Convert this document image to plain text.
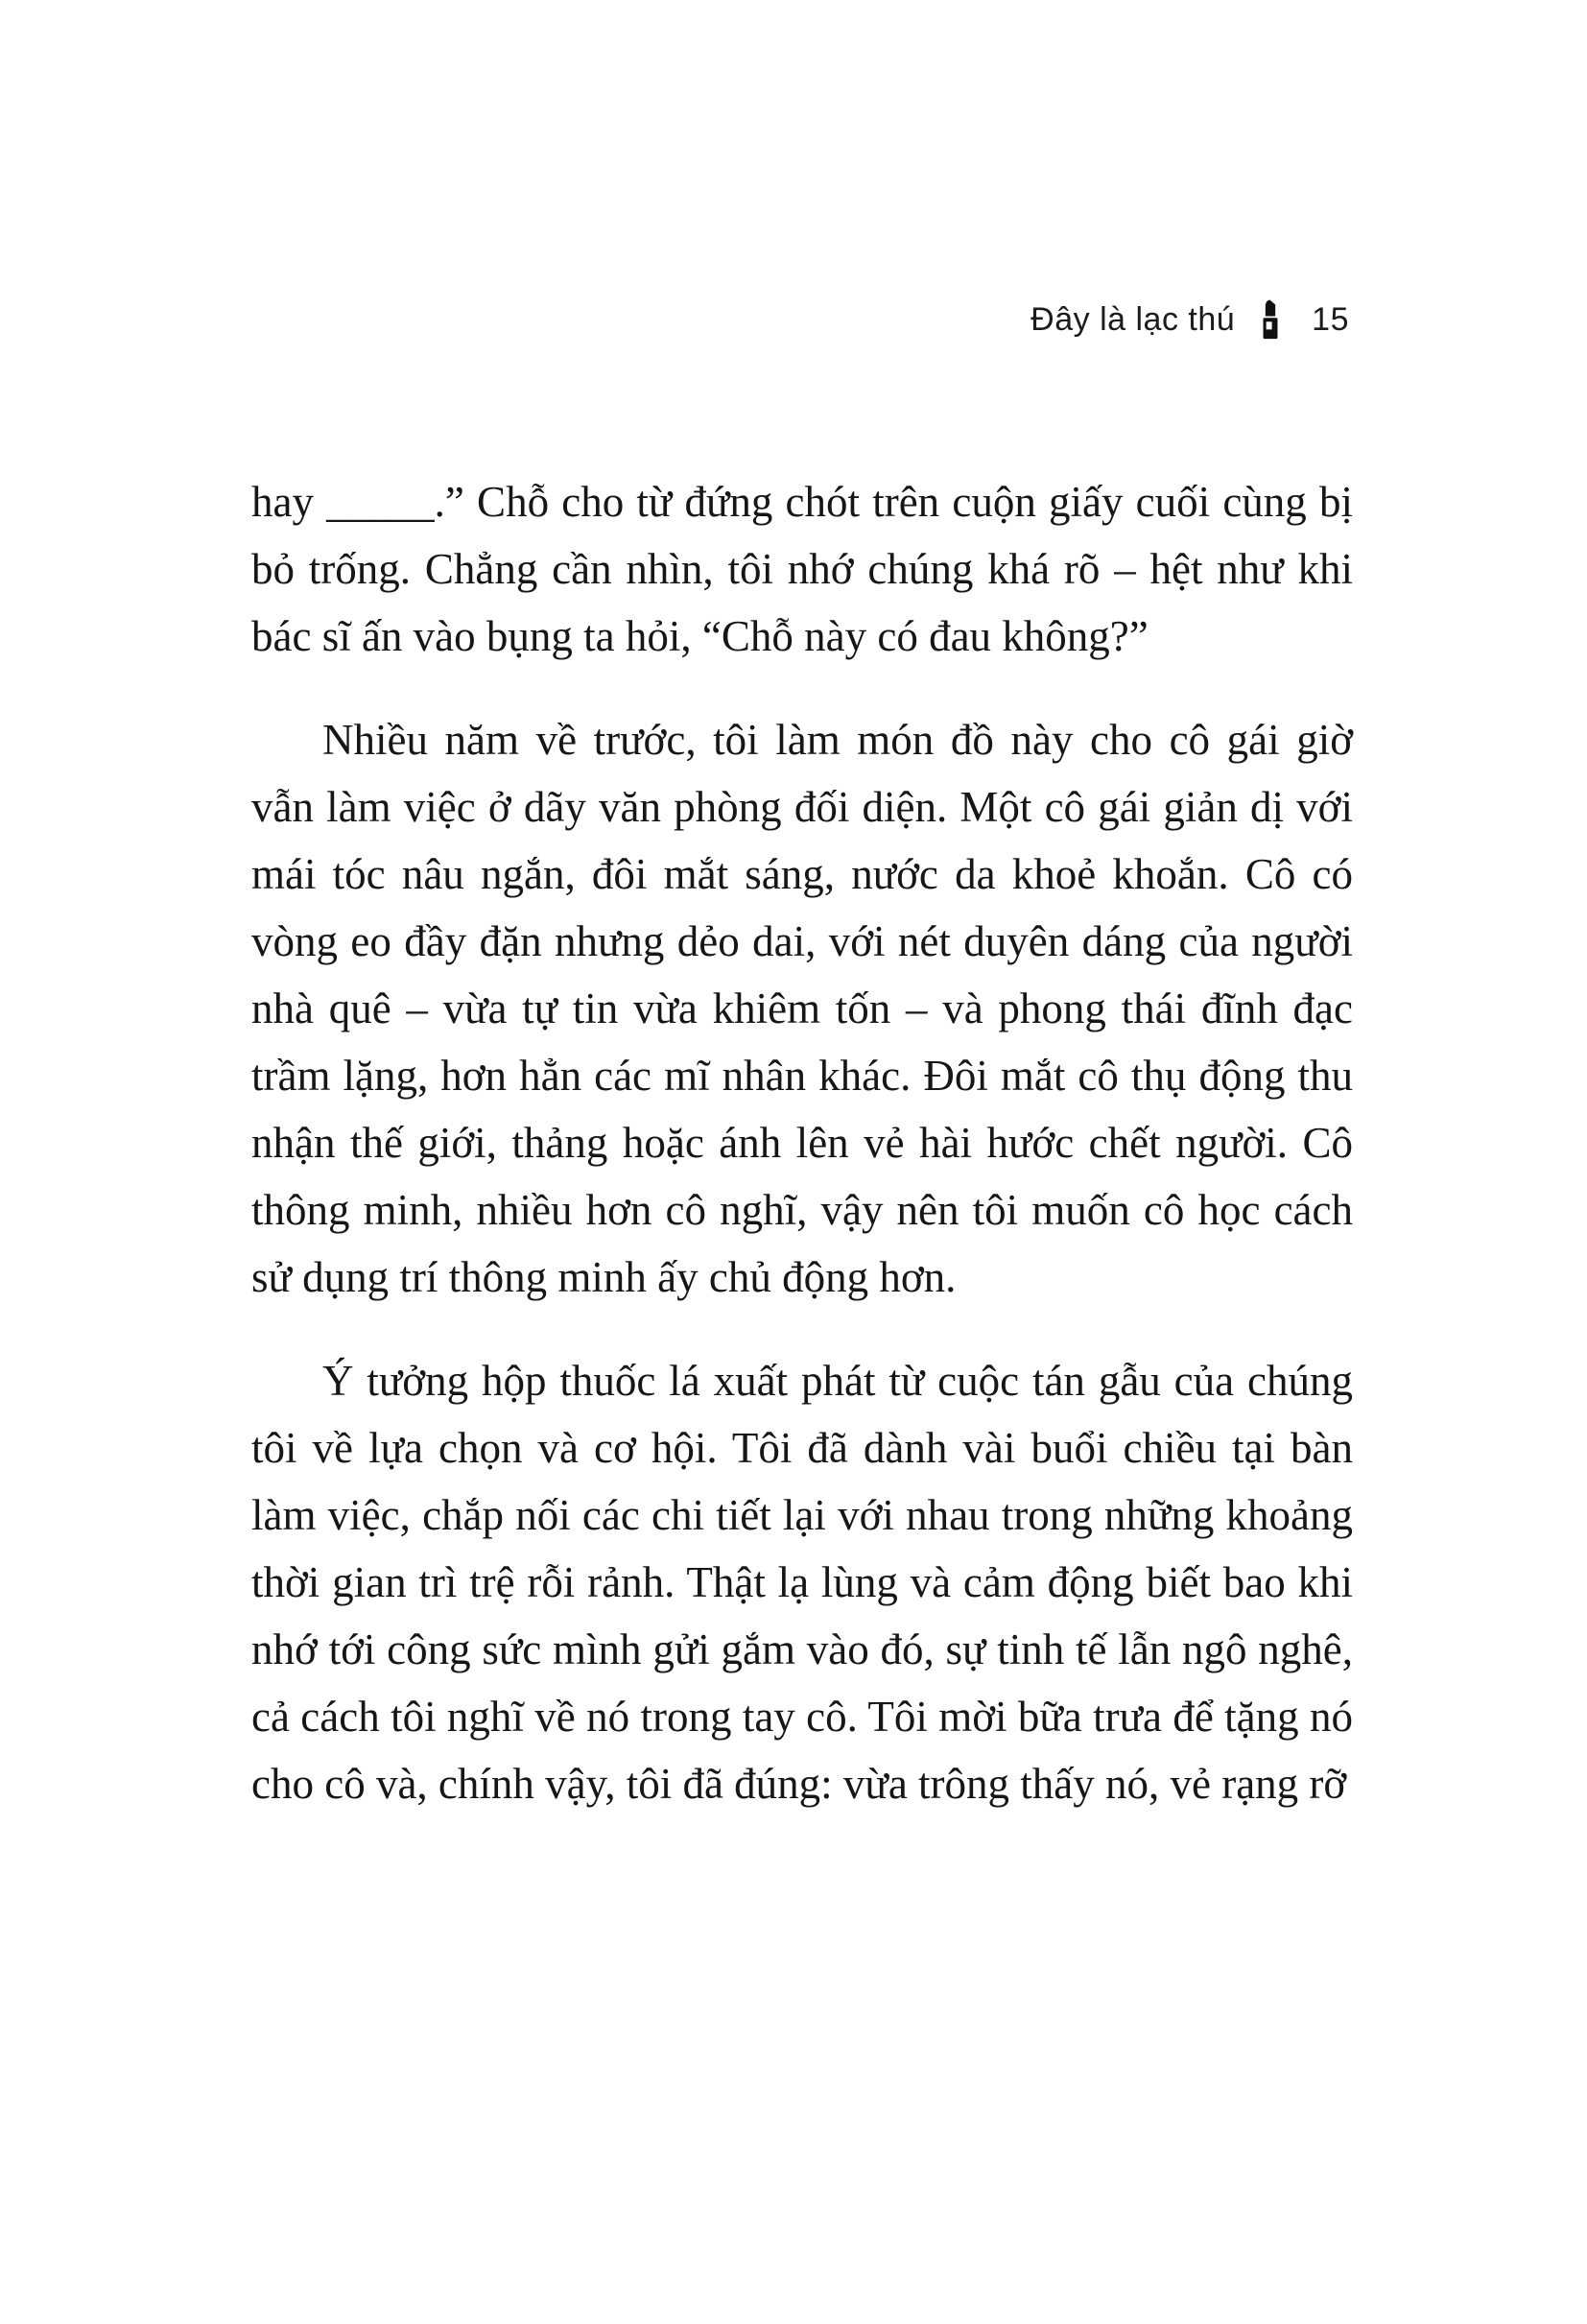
Đây là lạc thú 15

hay _____.” Chỗ cho từ đứng chót trên cuộn giấy cuối cùng bị bỏ trống. Chẳng cần nhìn, tôi nhớ chúng khá rõ – hệt như khi bác sĩ ấn vào bụng ta hỏi, “Chỗ này có đau không?”

Nhiều năm về trước, tôi làm món đồ này cho cô gái giờ vẫn làm việc ở dãy văn phòng đối diện. Một cô gái giản dị với mái tóc nâu ngắn, đôi mắt sáng, nước da khoẻ khoắn. Cô có vòng eo đầy đặn nhưng dẻo dai, với nét duyên dáng của người nhà quê – vừa tự tin vừa khiêm tốn – và phong thái đĩnh đạc trầm lặng, hơn hẳn các mĩ nhân khác. Đôi mắt cô thụ động thu nhận thế giới, thảng hoặc ánh lên vẻ hài hước chết người. Cô thông minh, nhiều hơn cô nghĩ, vậy nên tôi muốn cô học cách sử dụng trí thông minh ấy chủ động hơn.

Ý tưởng hộp thuốc lá xuất phát từ cuộc tán gẫu của chúng tôi về lựa chọn và cơ hội. Tôi đã dành vài buổi chiều tại bàn làm việc, chắp nối các chi tiết lại với nhau trong những khoảng thời gian trì trệ rỗi rảnh. Thật lạ lùng và cảm động biết bao khi nhớ tới công sức mình gửi gắm vào đó, sự tinh tế lẫn ngô nghê, cả cách tôi nghĩ về nó trong tay cô. Tôi mời bữa trưa để tặng nó cho cô và, chính vậy, tôi đã đúng: vừa trông thấy nó, vẻ rạng rỡ
